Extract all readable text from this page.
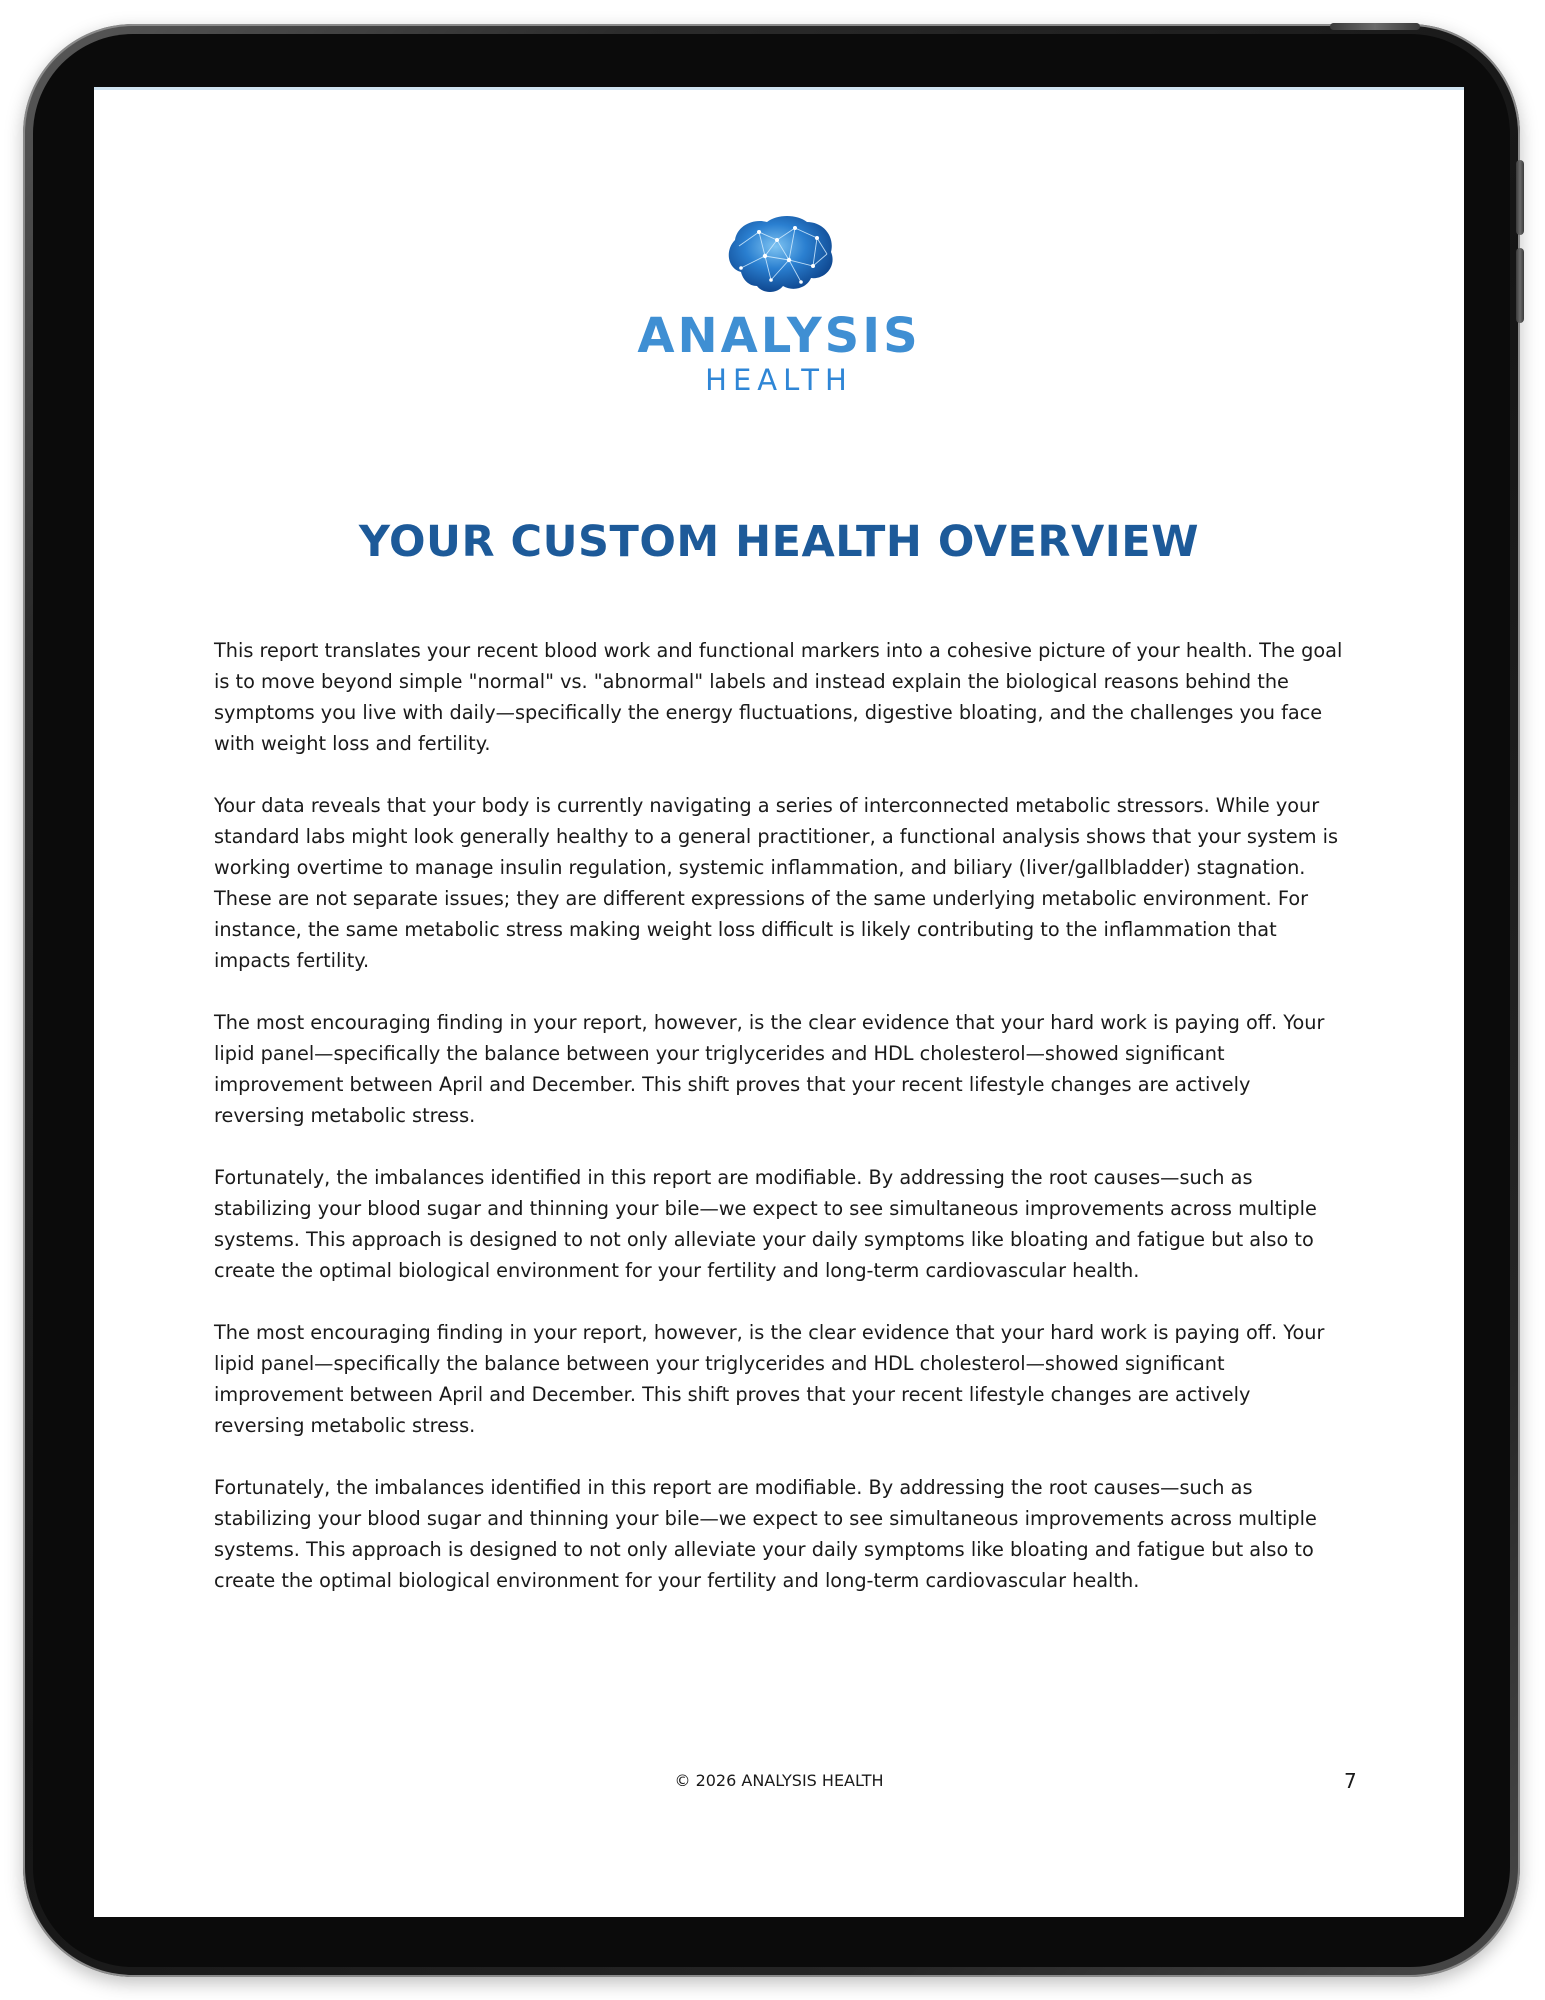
ANALYSIS
HEALTH
YOUR CUSTOM HEALTH OVERVIEW

This report translates your recent blood work and functional markers into a cohesive picture of your health. The goal is to move beyond simple "normal" vs. "abnormal" labels and instead explain the biological reasons behind the symptoms you live with daily—specifically the energy fluctuations, digestive bloating, and the challenges you face with weight loss and fertility.

Your data reveals that your body is currently navigating a series of interconnected metabolic stressors. While your standard labs might look generally healthy to a general practitioner, a functional analysis shows that your system is working overtime to manage insulin regulation, systemic inflammation, and biliary (liver/gallbladder) stagnation. These are not separate issues; they are different expressions of the same underlying metabolic environment. For instance, the same metabolic stress making weight loss difficult is likely contributing to the inflammation that impacts fertility.

The most encouraging finding in your report, however, is the clear evidence that your hard work is paying off. Your lipid panel—specifically the balance between your triglycerides and HDL cholesterol—showed significant improvement between April and December. This shift proves that your recent lifestyle changes are actively reversing metabolic stress.

Fortunately, the imbalances identified in this report are modifiable. By addressing the root causes—such as stabilizing your blood sugar and thinning your bile—we expect to see simultaneous improvements across multiple systems. This approach is designed to not only alleviate your daily symptoms like bloating and fatigue but also to create the optimal biological environment for your fertility and long-term cardiovascular health.

The most encouraging finding in your report, however, is the clear evidence that your hard work is paying off. Your lipid panel—specifically the balance between your triglycerides and HDL cholesterol—showed significant improvement between April and December. This shift proves that your recent lifestyle changes are actively reversing metabolic stress.

Fortunately, the imbalances identified in this report are modifiable. By addressing the root causes—such as stabilizing your blood sugar and thinning your bile—we expect to see simultaneous improvements across multiple systems. This approach is designed to not only alleviate your daily symptoms like bloating and fatigue but also to create the optimal biological environment for your fertility and long-term cardiovascular health.

© 2026 ANALYSIS HEALTH	7
